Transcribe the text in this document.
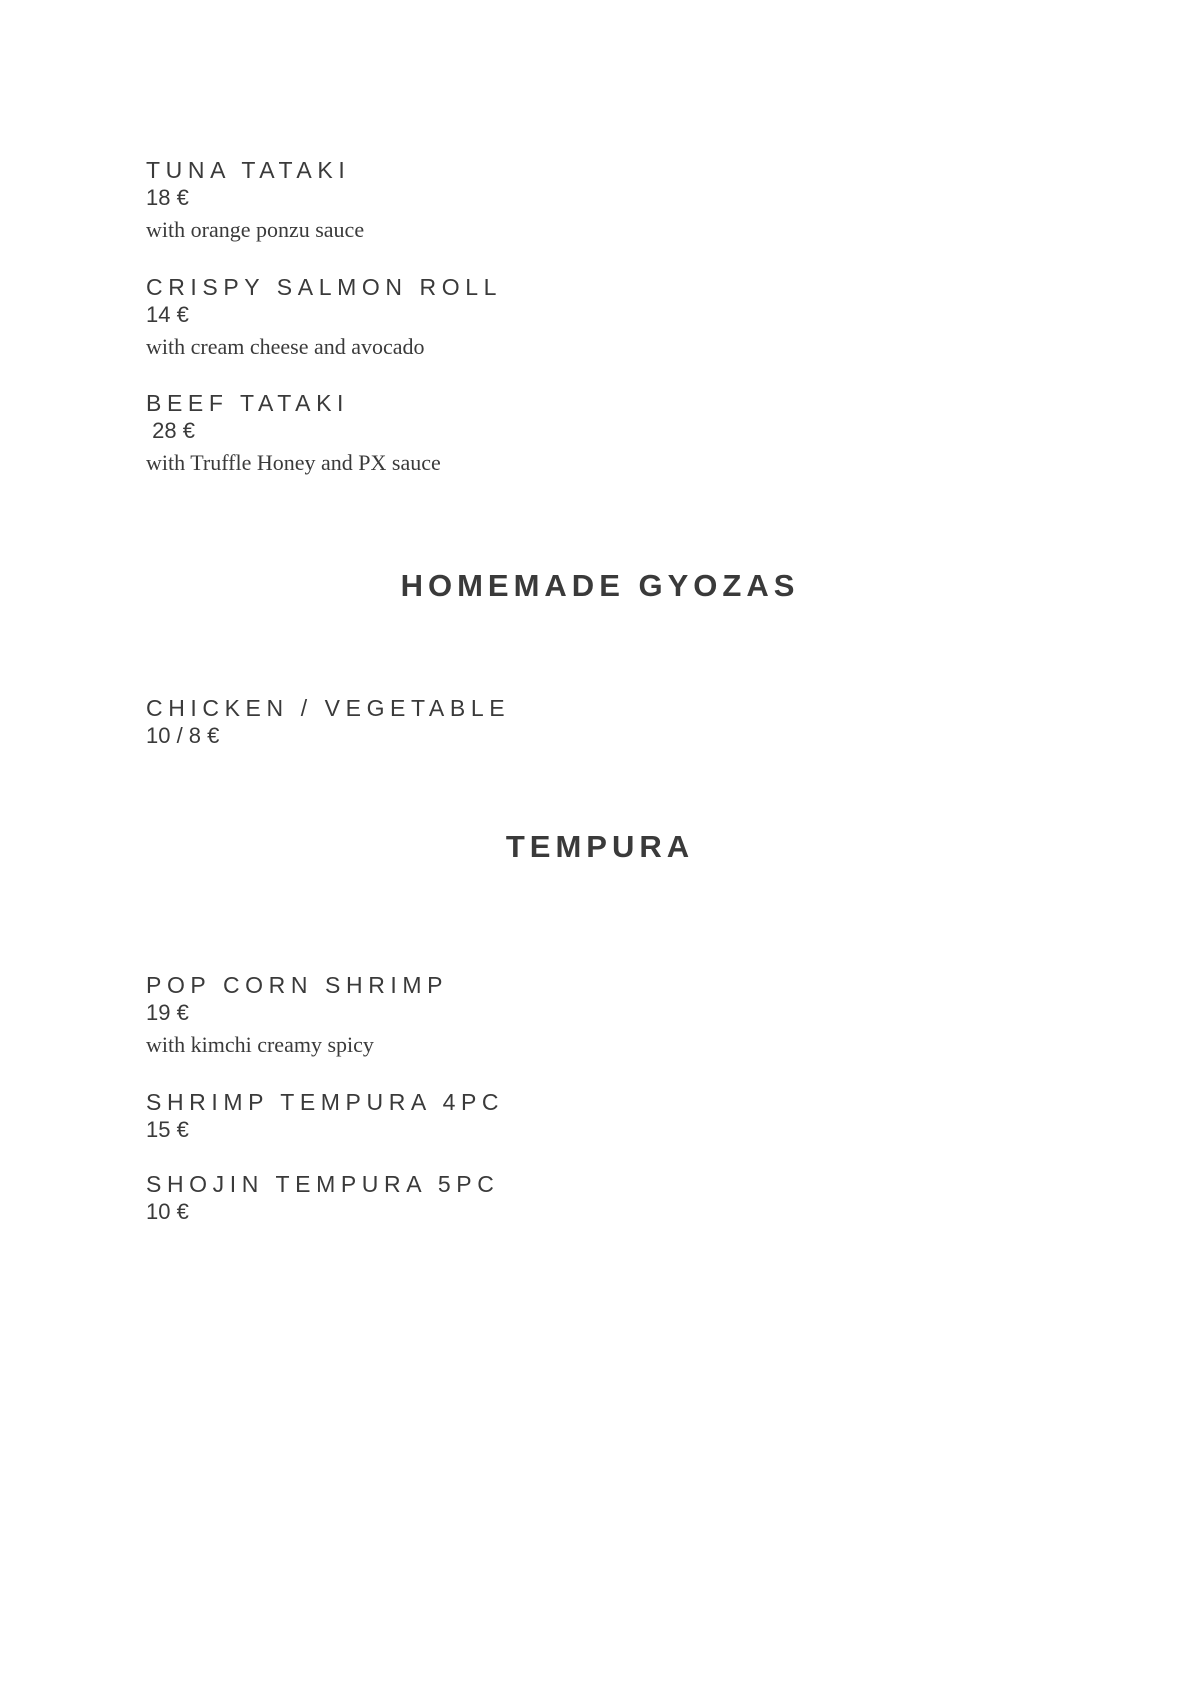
TUNA TATAKI
18 €
with orange ponzu sauce
CRISPY SALMON ROLL
14 €
with cream cheese and avocado
BEEF TATAKI
28 €
with Truffle Honey and PX sauce
HOMEMADE GYOZAS
CHICKEN / VEGETABLE
10 / 8 €
TEMPURA
POP CORN SHRIMP
19 €
with kimchi creamy spicy
SHRIMP TEMPURA 4PC
15 €
SHOJIN TEMPURA 5PC
10 €
